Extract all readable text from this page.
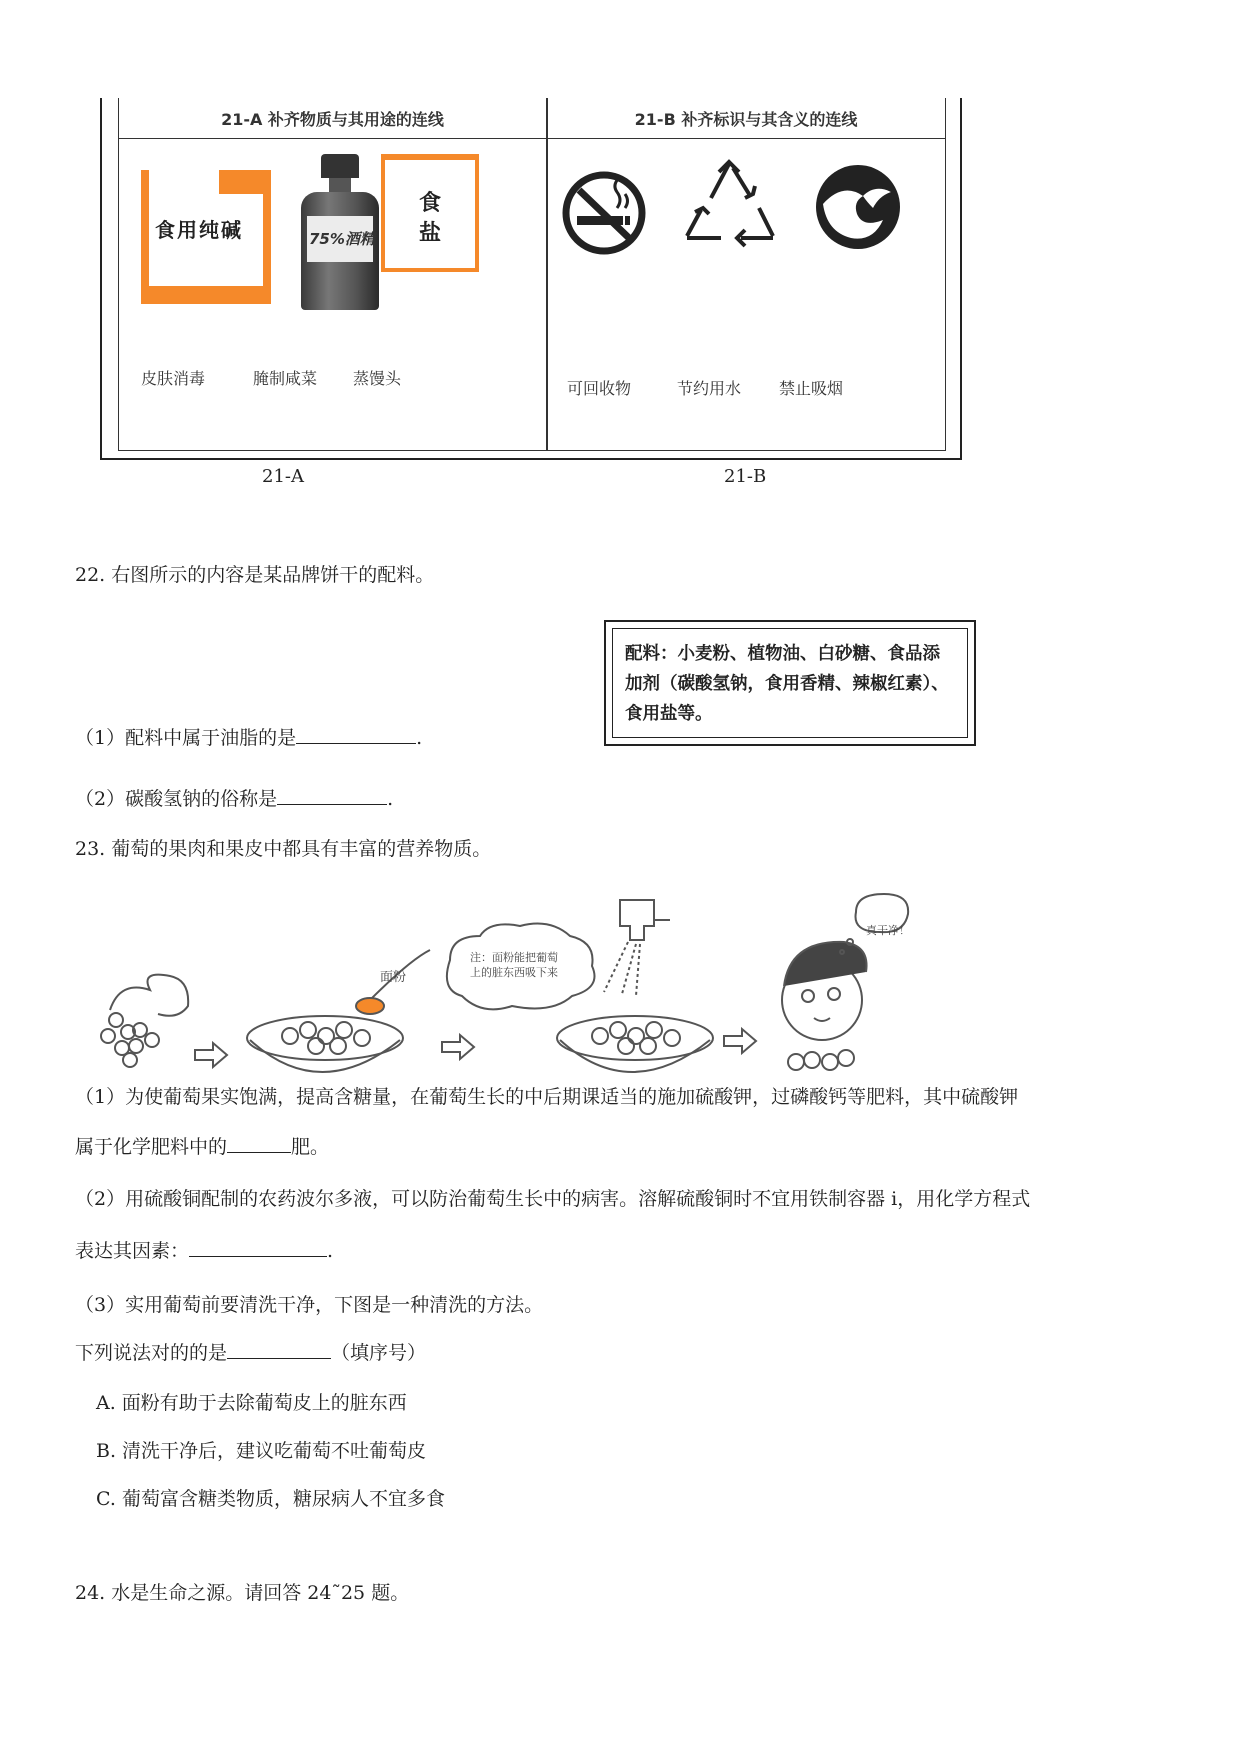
21-A 补齐物质与其用途的连线	21-B 补齐标识与其含义的连线
食用纯碱	75%酒精
食
盐
皮肤消毒	腌制咸菜 蒸馒头
可回收物	节约用水 禁止吸烟
21-A	21-B
22. 右图所示的内容是某品牌饼干的配料。
配料：小麦粉、植物油、白砂糖、食品添加剂（碳酸氢钠，食用香精、辣椒红素）、食用盐等。
（1）配料中属于油脂的是	.
（2）碳酸氢钠的俗称是	.
23. 葡萄的果肉和果皮中都具有丰富的营养物质。
面粉
注：面粉能把葡萄上的脏东西吸下来
真干净！
（1）为使葡萄果实饱满，提高含糖量，在葡萄生长的中后期课适当的施加硫酸钾，过磷酸钙等肥料，其中硫酸钾
属于化学肥料中的	肥。
（2）用硫酸铜配制的农药波尔多液，可以防治葡萄生长中的病害。溶解硫酸铜时不宜用铁制容器 i，用化学方程式
表达其因素：	.
（3）实用葡萄前要清洗干净，下图是一种清洗的方法。
下列说法对的的是	（填序号）
A. 面粉有助于去除葡萄皮上的脏东西
B. 清洗干净后，建议吃葡萄不吐葡萄皮
C. 葡萄富含糖类物质，糖尿病人不宜多食
24. 水是生命之源。请回答 24˜25 题。
